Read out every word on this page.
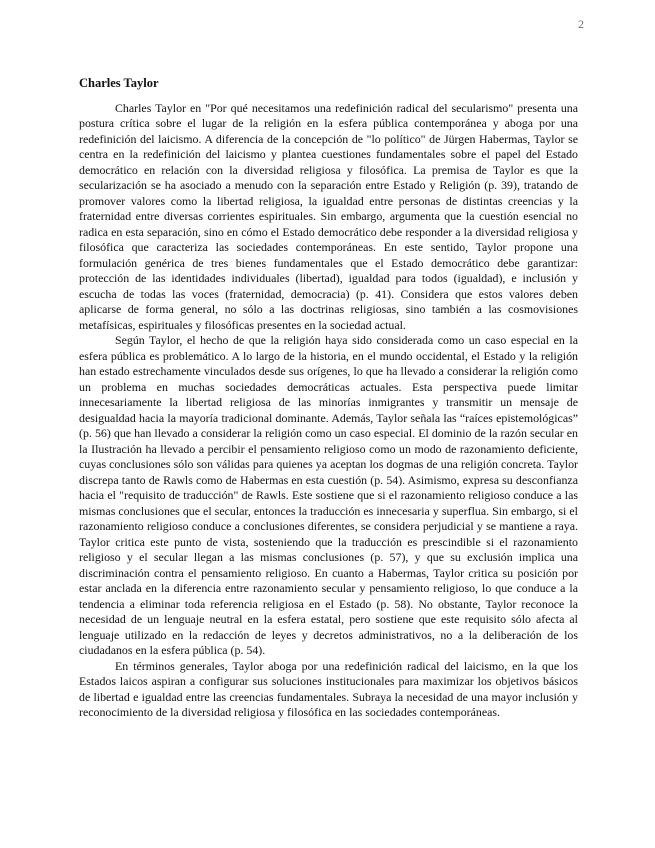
2
Charles Taylor

Charles Taylor en "Por qué necesitamos una redefinición radical del secularismo" presenta una postura crítica sobre el lugar de la religión en la esfera pública contemporánea y aboga por una redefinición del laicismo. A diferencia de la concepción de "lo político" de Jürgen Habermas, Taylor se centra en la redefinición del laicismo y plantea cuestiones fundamentales sobre el papel del Estado democrático en relación con la diversidad religiosa y filosófica. La premisa de Taylor es que la secularización se ha asociado a menudo con la separación entre Estado y Religión (p. 39), tratando de promover valores como la libertad religiosa, la igualdad entre personas de distintas creencias y la fraternidad entre diversas corrientes espirituales. Sin embargo, argumenta que la cuestión esencial no radica en esta separación, sino en cómo el Estado democrático debe responder a la diversidad religiosa y filosófica que caracteriza las sociedades contemporáneas. En este sentido, Taylor propone una formulación genérica de tres bienes fundamentales que el Estado democrático debe garantizar: protección de las identidades individuales (libertad), igualdad para todos (igualdad), e inclusión y escucha de todas las voces (fraternidad, democracia) (p. 41). Considera que estos valores deben aplicarse de forma general, no sólo a las doctrinas religiosas, sino también a las cosmovisiones metafísicas, espirituales y filosóficas presentes en la sociedad actual.

Según Taylor, el hecho de que la religión haya sido considerada como un caso especial en la esfera pública es problemático. A lo largo de la historia, en el mundo occidental, el Estado y la religión han estado estrechamente vinculados desde sus orígenes, lo que ha llevado a considerar la religión como un problema en muchas sociedades democráticas actuales. Esta perspectiva puede limitar innecesariamente la libertad religiosa de las minorías inmigrantes y transmitir un mensaje de desigualdad hacia la mayoría tradicional dominante. Además, Taylor señala las “raíces epistemológicas” (p. 56) que han llevado a considerar la religión como un caso especial. El dominio de la razón secular en la Ilustración ha llevado a percibir el pensamiento religioso como un modo de razonamiento deficiente, cuyas conclusiones sólo son válidas para quienes ya aceptan los dogmas de una religión concreta. Taylor discrepa tanto de Rawls como de Habermas en esta cuestión (p. 54). Asimismo, expresa su desconfianza hacia el "requisito de traducción" de Rawls. Este sostiene que si el razonamiento religioso conduce a las mismas conclusiones que el secular, entonces la traducción es innecesaria y superflua. Sin embargo, si el razonamiento religioso conduce a conclusiones diferentes, se considera perjudicial y se mantiene a raya. Taylor critica este punto de vista, sosteniendo que la traducción es prescindible si el razonamiento religioso y el secular llegan a las mismas conclusiones (p. 57), y que su exclusión implica una discriminación contra el pensamiento religioso. En cuanto a Habermas, Taylor critica su posición por estar anclada en la diferencia entre razonamiento secular y pensamiento religioso, lo que conduce a la tendencia a eliminar toda referencia religiosa en el Estado (p. 58). No obstante, Taylor reconoce la necesidad de un lenguaje neutral en la esfera estatal, pero sostiene que este requisito sólo afecta al lenguaje utilizado en la redacción de leyes y decretos administrativos, no a la deliberación de los ciudadanos en la esfera pública (p. 54).

En términos generales, Taylor aboga por una redefinición radical del laicismo, en la que los Estados laicos aspiran a configurar sus soluciones institucionales para maximizar los objetivos básicos de libertad e igualdad entre las creencias fundamentales. Subraya la necesidad de una mayor inclusión y reconocimiento de la diversidad religiosa y filosófica en las sociedades contemporáneas.
